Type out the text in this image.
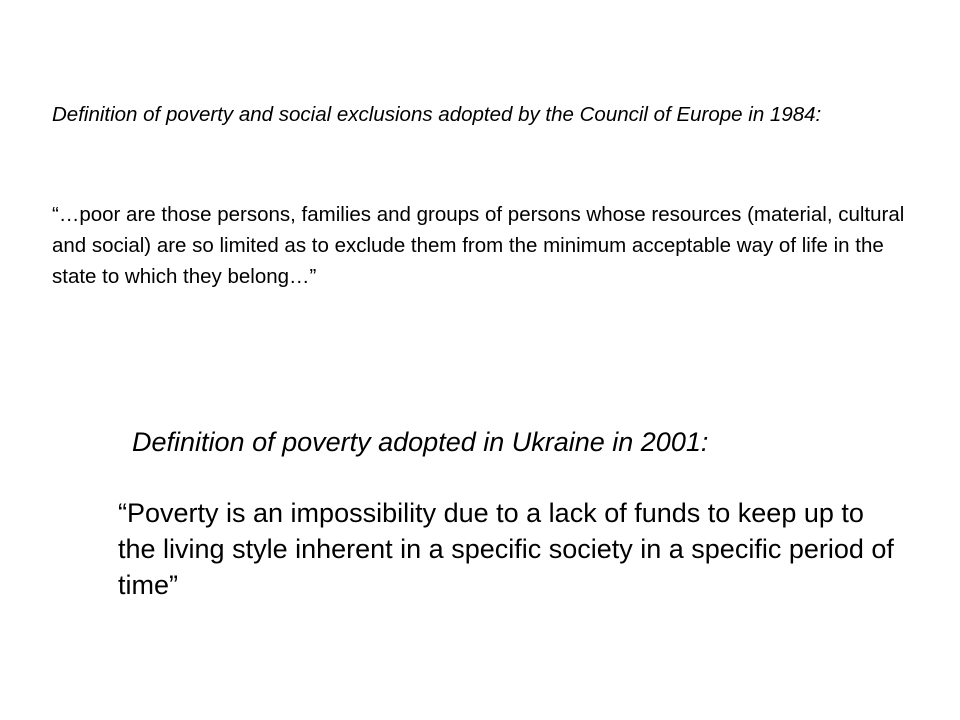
Definition of poverty and social exclusions adopted by the Council of Europe in 1984:

“…poor are those persons, families and groups of persons whose resources (material, cultural and social) are so limited as to exclude them from the minimum acceptable way of life in the state to which they belong…”

Definition of poverty adopted in Ukraine in 2001:

“Poverty is an impossibility due to a lack of funds to keep up to the living style inherent in a specific society in a specific period of time”
